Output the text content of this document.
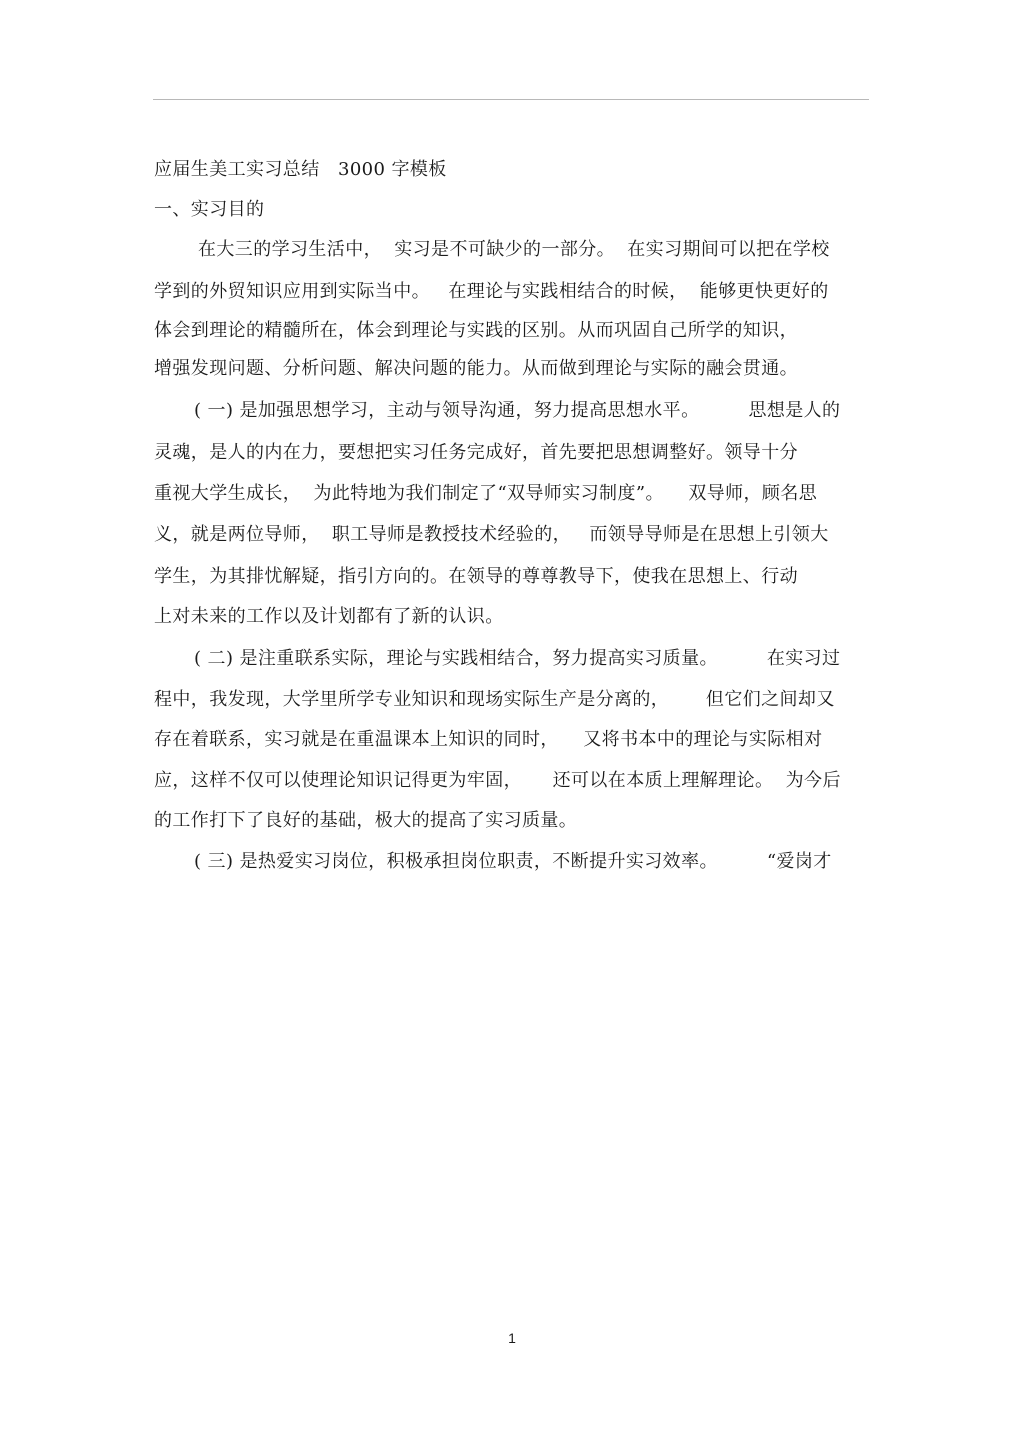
应届生美工实习总结   3000 字模板
一、实习目的
在大三的学习生活中，  实习是不可缺少的一部分。  在实习期间可以把在学校
学到的外贸知识应用到实际当中。   在理论与实践相结合的时候，  能够更快更好的
体会到理论的精髓所在，体会到理论与实践的区别。从而巩固自己所学的知识，
增强发现问题、分析问题、解决问题的能力。从而做到理论与实际的融会贯通。
( 一) 是加强思想学习，主动与领导沟通，努力提高思想水平。        思想是人的
灵魂，是人的内在力，要想把实习任务完成好，首先要把思想调整好。领导十分
重视大学生成长，  为此特地为我们制定了“双导师实习制度”。    双导师，顾名思
义，就是两位导师，  职工导师是教授技术经验的，   而领导导师是在思想上引领大
学生，为其排忧解疑，指引方向的。在领导的尊尊教导下，使我在思想上、行动
上对未来的工作以及计划都有了新的认识。
( 二) 是注重联系实际，理论与实践相结合，努力提高实习质量。        在实习过
程中，我发现，大学里所学专业知识和现场实际生产是分离的，      但它们之间却又
存在着联系，实习就是在重温课本上知识的同时，    又将书本中的理论与实际相对
应，这样不仅可以使理论知识记得更为牢固，     还可以在本质上理解理论。  为今后
的工作打下了良好的基础，极大的提高了实习质量。
( 三) 是热爱实习岗位，积极承担岗位职责，不断提升实习效率。        “爱岗才
1
